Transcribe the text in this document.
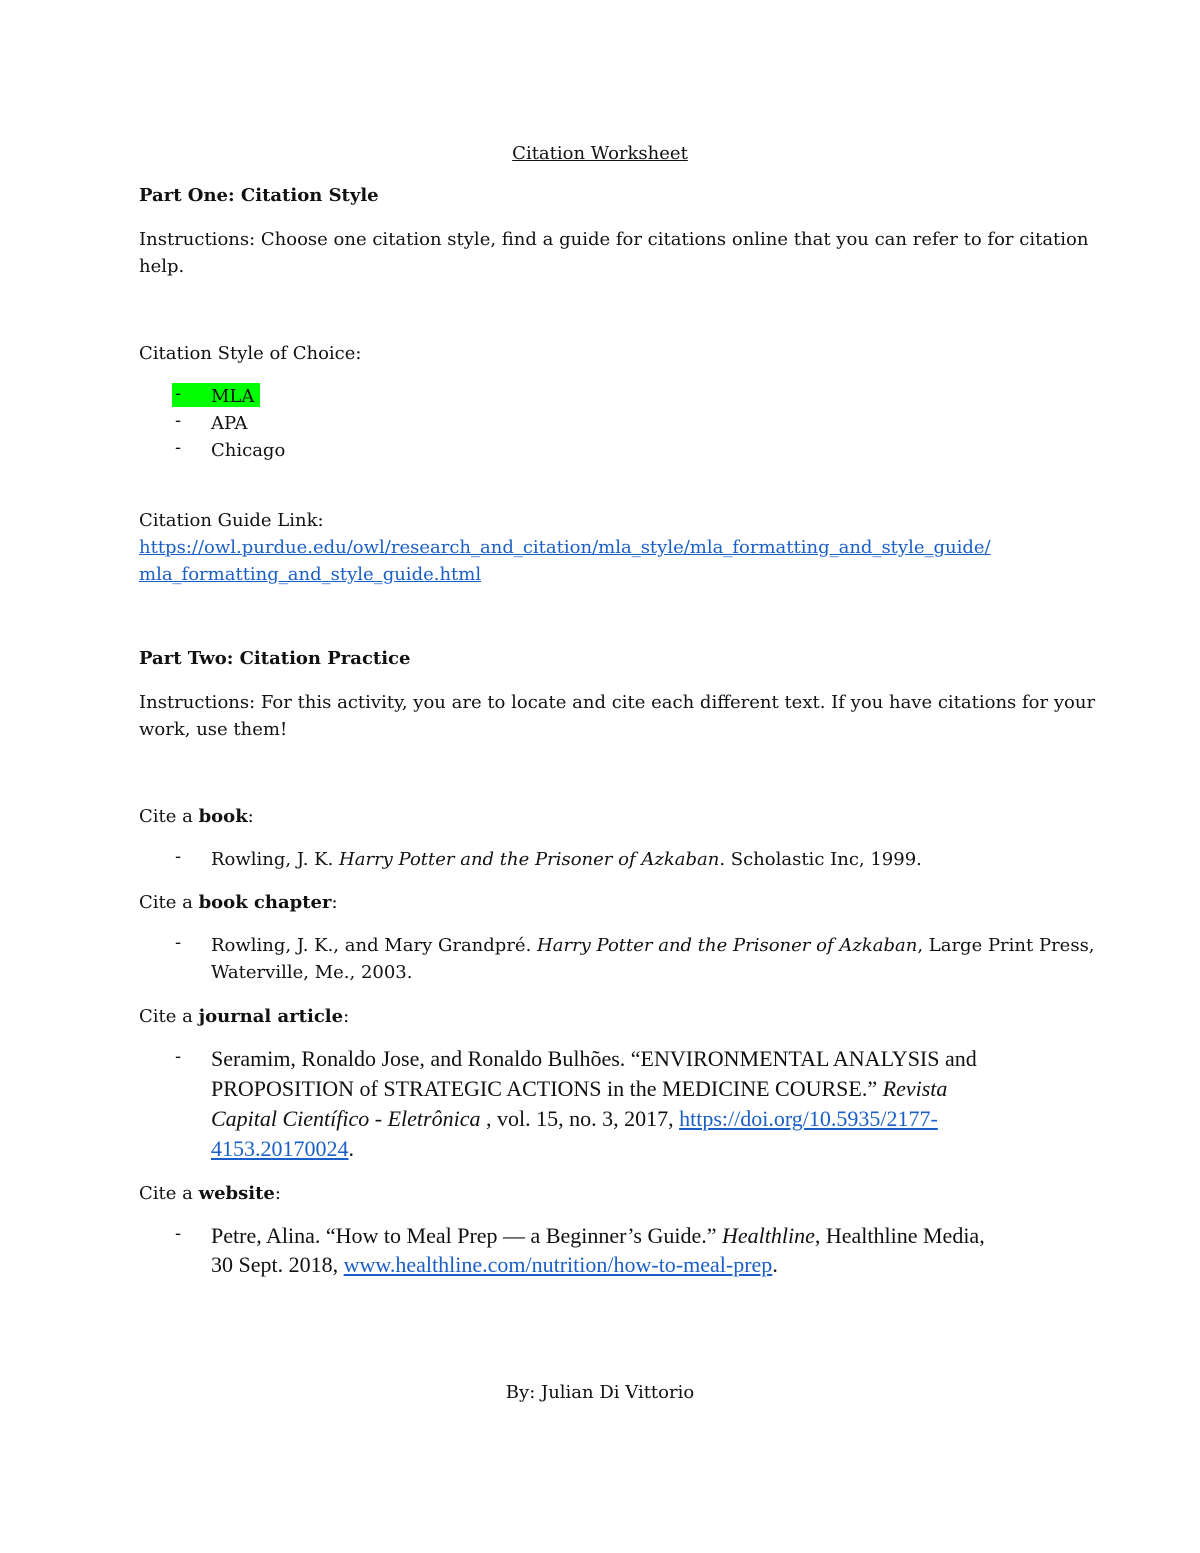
Citation Worksheet
Part One: Citation Style
Instructions: Choose one citation style, find a guide for citations online that you can refer to for citation
help.
Citation Style of Choice:
- MLA
- APA
- Chicago
Citation Guide Link:
https://owl.purdue.edu/owl/research_and_citation/mla_style/mla_formatting_and_style_guide/
mla_formatting_and_style_guide.html
Part Two: Citation Practice
Instructions: For this activity, you are to locate and cite each different text. If you have citations for your
work, use them!
Cite a book:
- Rowling, J. K. Harry Potter and the Prisoner of Azkaban. Scholastic Inc, 1999.
Cite a book chapter:
- Rowling, J. K., and Mary Grandpré. Harry Potter and the Prisoner of Azkaban, Large Print Press,
Waterville, Me., 2003.
Cite a journal article:
- Seramim, Ronaldo Jose, and Ronaldo Bulhões. “ENVIRONMENTAL ANALYSIS and
PROPOSITION of STRATEGIC ACTIONS in the MEDICINE COURSE.” Revista
Capital Científico - Eletrônica , vol. 15, no. 3, 2017, https://doi.org/10.5935/2177-
4153.20170024.
Cite a website:
- Petre, Alina. “How to Meal Prep — a Beginner’s Guide.” Healthline, Healthline Media,
30 Sept. 2018, www.healthline.com/nutrition/how-to-meal-prep.
By: Julian Di Vittorio
